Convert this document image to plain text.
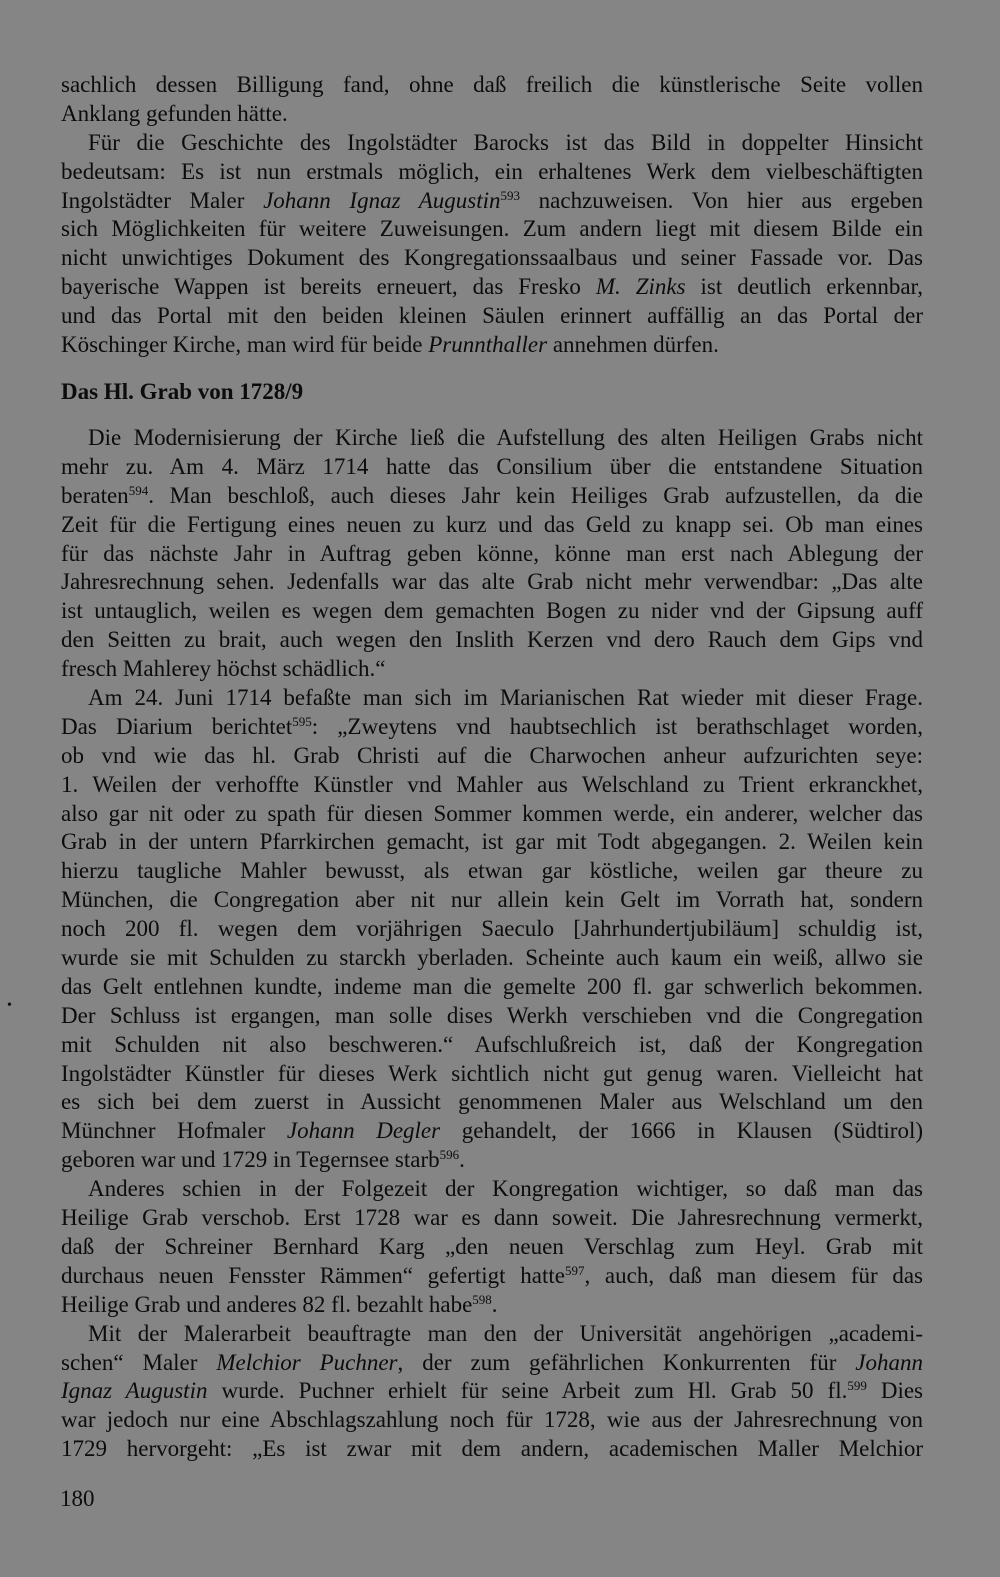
sachlich dessen Billigung fand, ohne daß freilich die künstlerische Seite vollen
Anklang gefunden hätte.
Für die Geschichte des Ingolstädter Barocks ist das Bild in doppelter Hinsicht
bedeutsam: Es ist nun erstmals möglich, ein erhaltenes Werk dem vielbeschäftigten
Ingolstädter Maler Johann Ignaz Augustin$^{593}$ nachzuweisen. Von hier aus ergeben
sich Möglichkeiten für weitere Zuweisungen. Zum andern liegt mit diesem Bilde ein
nicht unwichtiges Dokument des Kongregationssaalbaus und seiner Fassade vor. Das
bayerische Wappen ist bereits erneuert, das Fresko M. Zinks ist deutlich erkennbar,
und das Portal mit den beiden kleinen Säulen erinnert auffällig an das Portal der
Köschinger Kirche, man wird für beide Prunnthaller annehmen dürfen.
Das Hl. Grab von 1728/9
Die Modernisierung der Kirche ließ die Aufstellung des alten Heiligen Grabs nicht
mehr zu. Am 4. März 1714 hatte das Consilium über die entstandene Situation
beraten$^{594}$. Man beschloß, auch dieses Jahr kein Heiliges Grab aufzustellen, da die
Zeit für die Fertigung eines neuen zu kurz und das Geld zu knapp sei. Ob man eines
für das nächste Jahr in Auftrag geben könne, könne man erst nach Ablegung der
Jahresrechnung sehen. Jedenfalls war das alte Grab nicht mehr verwendbar: „Das alte
ist untauglich, weilen es wegen dem gemachten Bogen zu nider vnd der Gipsung auff
den Seitten zu brait, auch wegen den Inslith Kerzen vnd dero Rauch dem Gips vnd
fresch Mahlerey höchst schädlich.“
Am 24. Juni 1714 befaßte man sich im Marianischen Rat wieder mit dieser Frage.
Das Diarium berichtet$^{595}$: „Zweytens vnd haubtsechlich ist berathschlaget worden,
ob vnd wie das hl. Grab Christi auf die Charwochen anheur aufzurichten seye:
1. Weilen der verhoffte Künstler vnd Mahler aus Welschland zu Trient erkranckhet,
also gar nit oder zu spath für diesen Sommer kommen werde, ein anderer, welcher das
Grab in der untern Pfarrkirchen gemacht, ist gar mit Todt abgegangen. 2. Weilen kein
hierzu taugliche Mahler bewusst, als etwan gar köstliche, weilen gar theure zu
München, die Congregation aber nit nur allein kein Gelt im Vorrath hat, sondern
noch 200 fl. wegen dem vorjährigen Saeculo [Jahrhundertjubiläum] schuldig ist,
wurde sie mit Schulden zu starckh yberladen. Scheinte auch kaum ein weiß, allwo sie
das Gelt entlehnen kundte, indeme man die gemelte 200 fl. gar schwerlich bekommen.
Der Schluss ist ergangen, man solle dises Werkh verschieben vnd die Congregation
mit Schulden nit also beschweren.“ Aufschlußreich ist, daß der Kongregation
Ingolstädter Künstler für dieses Werk sichtlich nicht gut genug waren. Vielleicht hat
es sich bei dem zuerst in Aussicht genommenen Maler aus Welschland um den
Münchner Hofmaler Johann Degler gehandelt, der 1666 in Klausen (Südtirol)
geboren war und 1729 in Tegernsee starb$^{596}$.
Anderes schien in der Folgezeit der Kongregation wichtiger, so daß man das
Heilige Grab verschob. Erst 1728 war es dann soweit. Die Jahresrechnung vermerkt,
daß der Schreiner Bernhard Karg „den neuen Verschlag zum Heyl. Grab mit
durchaus neuen Fensster Rämmen“ gefertigt hatte$^{597}$, auch, daß man diesem für das
Heilige Grab und anderes 82 fl. bezahlt habe$^{598}$.
Mit der Malerarbeit beauftragte man den der Universität angehörigen „academi-
schen“ Maler Melchior Puchner, der zum gefährlichen Konkurrenten für Johann
Ignaz Augustin wurde. Puchner erhielt für seine Arbeit zum Hl. Grab 50 fl.$^{599}$ Dies
war jedoch nur eine Abschlagszahlung noch für 1728, wie aus der Jahresrechnung von
1729 hervorgeht: „Es ist zwar mit dem andern, academischen Maller Melchior
•
180
